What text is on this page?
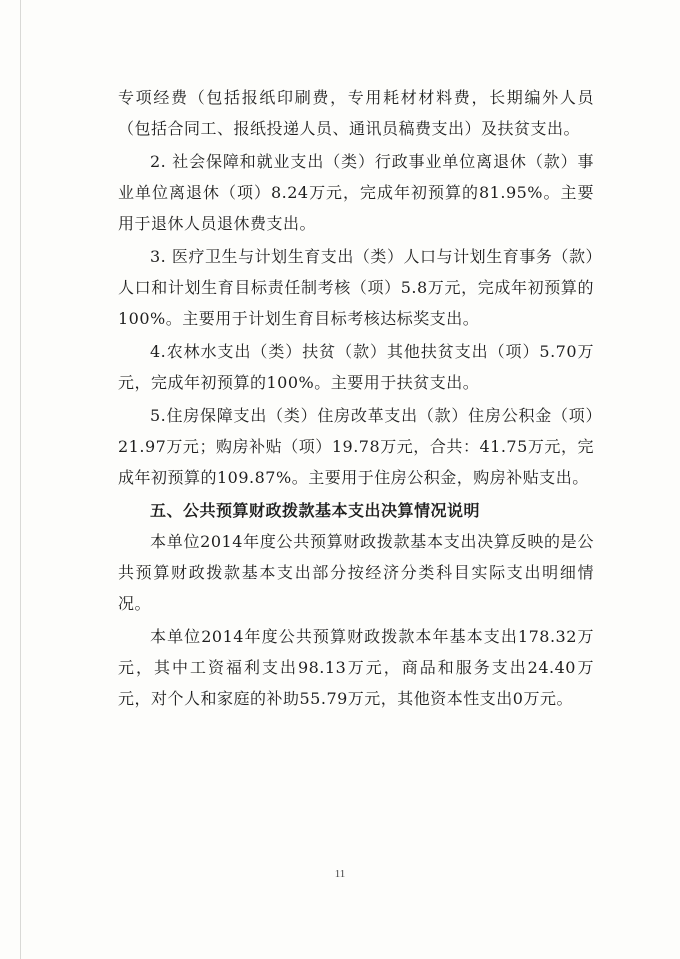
专项经费（包括报纸印刷费，专用耗材材料费，长期编外人员（包括合同工、报纸投递人员、通讯员稿费支出）及扶贫支出。

2. 社会保障和就业支出（类）行政事业单位离退休（款）事业单位离退休（项）8.24万元，完成年初预算的81.95%。主要用于退休人员退休费支出。

3. 医疗卫生与计划生育支出（类）人口与计划生育事务（款）人口和计划生育目标责任制考核（项）5.8万元，完成年初预算的100%。主要用于计划生育目标考核达标奖支出。

4.农林水支出（类）扶贫（款）其他扶贫支出（项）5.70万元，完成年初预算的100%。主要用于扶贫支出。

5.住房保障支出（类）住房改革支出（款）住房公积金（项）21.97万元；购房补贴（项）19.78万元，合共：41.75万元，完成年初预算的109.87%。主要用于住房公积金，购房补贴支出。

五、公共预算财政拨款基本支出决算情况说明

本单位2014年度公共预算财政拨款基本支出决算反映的是公共预算财政拨款基本支出部分按经济分类科目实际支出明细情况。

本单位2014年度公共预算财政拨款本年基本支出178.32万元，其中工资福利支出98.13万元，商品和服务支出24.40万元，对个人和家庭的补助55.79万元，其他资本性支出0万元。

11
